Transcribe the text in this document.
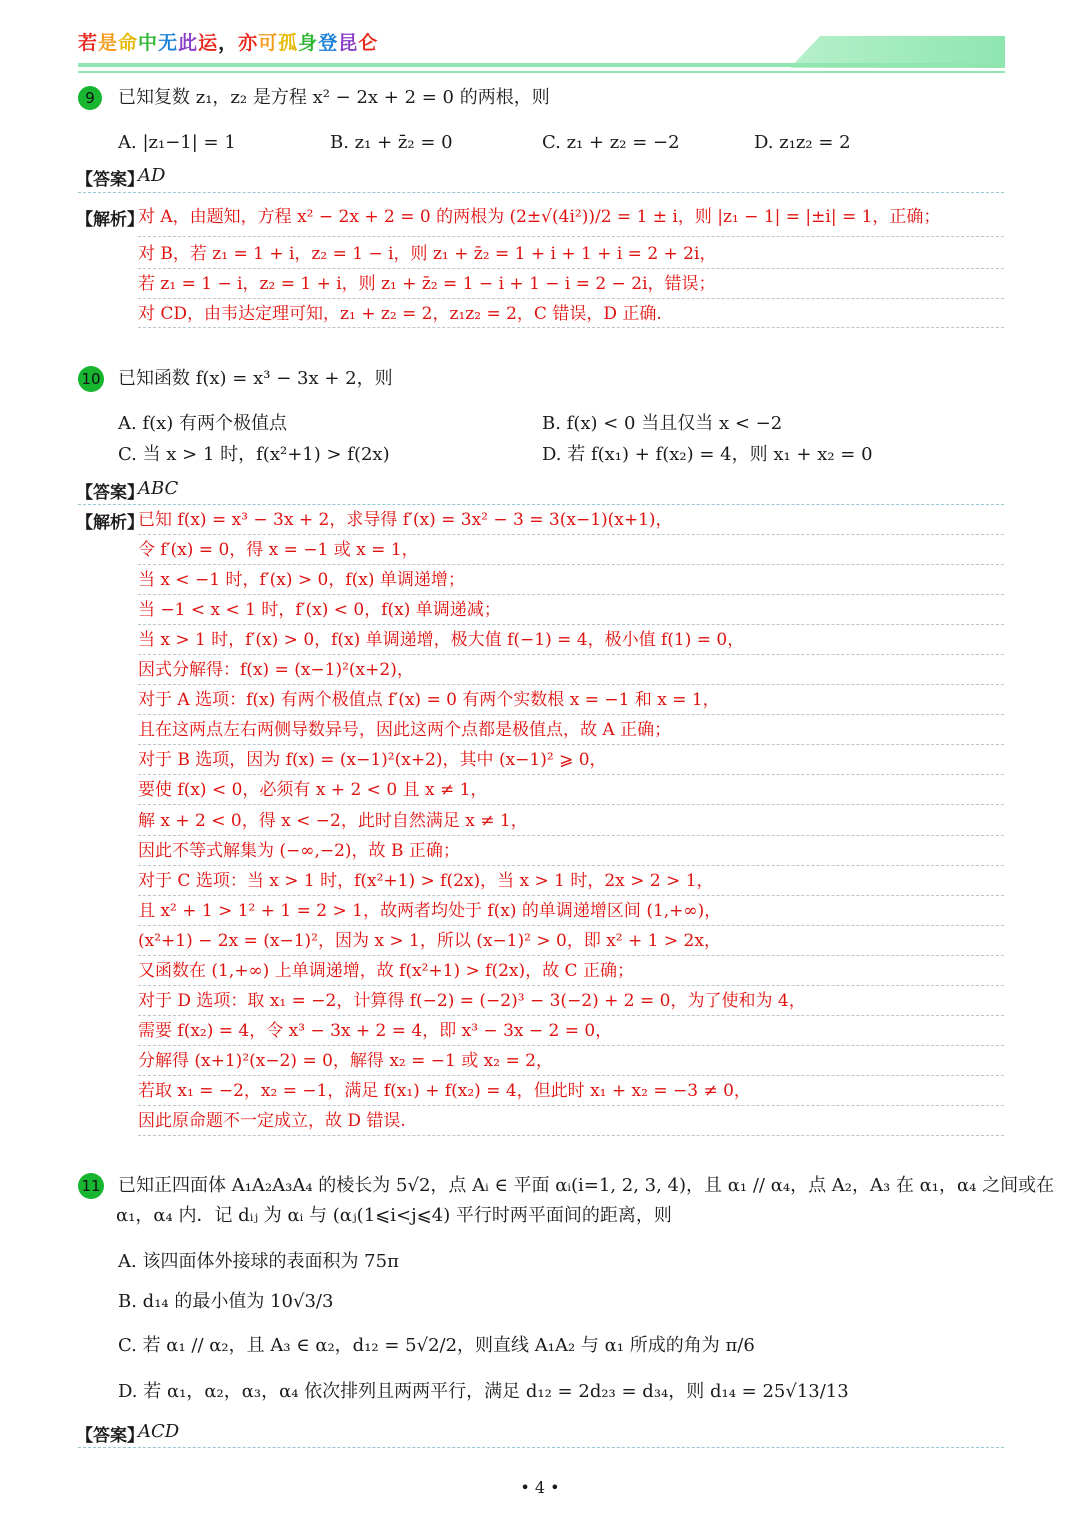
若是命中无此运，亦可孤身登昆仑
9	已知复数 z₁，z₂ 是方程 x² − 2x + 2 = 0 的两根，则
A. |z₁−1| = 1	B. z₁ + z̄₂ = 0	C. z₁ + z₂ = −2	D. z₁z₂ = 2
【答案】
AD
【解析】
对 A，由题知，方程 x² − 2x + 2 = 0 的两根为 (2±√(4i²))/2 = 1 ± i，则 |z₁ − 1| = |±i| = 1，正确；
对 B，若 z₁ = 1 + i，z₂ = 1 − i，则 z₁ + z̄₂ = 1 + i + 1 + i = 2 + 2i，
若 z₁ = 1 − i，z₂ = 1 + i，则 z₁ + z̄₂ = 1 − i + 1 − i = 2 − 2i，错误；
对 CD，由韦达定理可知，z₁ + z₂ = 2，z₁z₂ = 2，C 错误，D 正确.
10 已知函数 f(x) = x³ − 3x + 2，则
A. f(x) 有两个极值点	B. f(x) < 0 当且仅当 x < −2
C. 当 x > 1 时，f(x²+1) > f(2x)	D. 若 f(x₁) + f(x₂) = 4，则 x₁ + x₂ = 0
【答案】
ABC
【解析】
已知 f(x) = x³ − 3x + 2，求导得 f′(x) = 3x² − 3 = 3(x−1)(x+1)，
令 f′(x) = 0，得 x = −1 或 x = 1，
当 x < −1 时，f′(x) > 0，f(x) 单调递增；
当 −1 < x < 1 时，f′(x) < 0，f(x) 单调递减；
当 x > 1 时，f′(x) > 0，f(x) 单调递增，极大值 f(−1) = 4，极小值 f(1) = 0，
因式分解得：f(x) = (x−1)²(x+2)，
对于 A 选项：f(x) 有两个极值点 f′(x) = 0 有两个实数根 x = −1 和 x = 1，
且在这两点左右两侧导数异号，因此这两个点都是极值点，故 A 正确；
对于 B 选项，因为 f(x) = (x−1)²(x+2)，其中 (x−1)² ⩾ 0，
要使 f(x) < 0，必须有 x + 2 < 0 且 x ≠ 1，
解 x + 2 < 0，得 x < −2，此时自然满足 x ≠ 1，
因此不等式解集为 (−∞,−2)，故 B 正确；
对于 C 选项：当 x > 1 时，f(x²+1) > f(2x)，当 x > 1 时，2x > 2 > 1，
且 x² + 1 > 1² + 1 = 2 > 1，故两者均处于 f(x) 的单调递增区间 (1,+∞)，
(x²+1) − 2x = (x−1)²，因为 x > 1，所以 (x−1)² > 0，即 x² + 1 > 2x，
又函数在 (1,+∞) 上单调递增，故 f(x²+1) > f(2x)，故 C 正确；
对于 D 选项：取 x₁ = −2，计算得 f(−2) = (−2)³ − 3(−2) + 2 = 0，为了使和为 4，
需要 f(x₂) = 4，令 x³ − 3x + 2 = 4，即 x³ − 3x − 2 = 0，
分解得 (x+1)²(x−2) = 0，解得 x₂ = −1 或 x₂ = 2，
若取 x₁ = −2，x₂ = −1，满足 f(x₁) + f(x₂) = 4，但此时 x₁ + x₂ = −3 ≠ 0，
因此原命题不一定成立，故 D 错误.
11 已知正四面体 A₁A₂A₃A₄ 的棱长为 5√2，点 Aᵢ ∈ 平面 αᵢ(i=1, 2, 3, 4)，且 α₁ // α₄，点 A₂，A₃ 在 α₁，α₄ 之间或在
α₁，α₄ 内．记 dᵢⱼ 为 αᵢ 与 (αⱼ(1⩽i<j⩽4) 平行时两平面间的距离，则
A. 该四面体外接球的表面积为 75π
B. d₁₄ 的最小值为 10√3/3
C. 若 α₁ // α₂，且 A₃ ∈ α₂，d₁₂ = 5√2/2，则直线 A₁A₂ 与 α₁ 所成的角为 π/6
D. 若 α₁，α₂，α₃，α₄ 依次排列且两两平行，满足 d₁₂ = 2d₂₃ = d₃₄，则 d₁₄ = 25√13/13
【答案】
ACD
• 4 •
